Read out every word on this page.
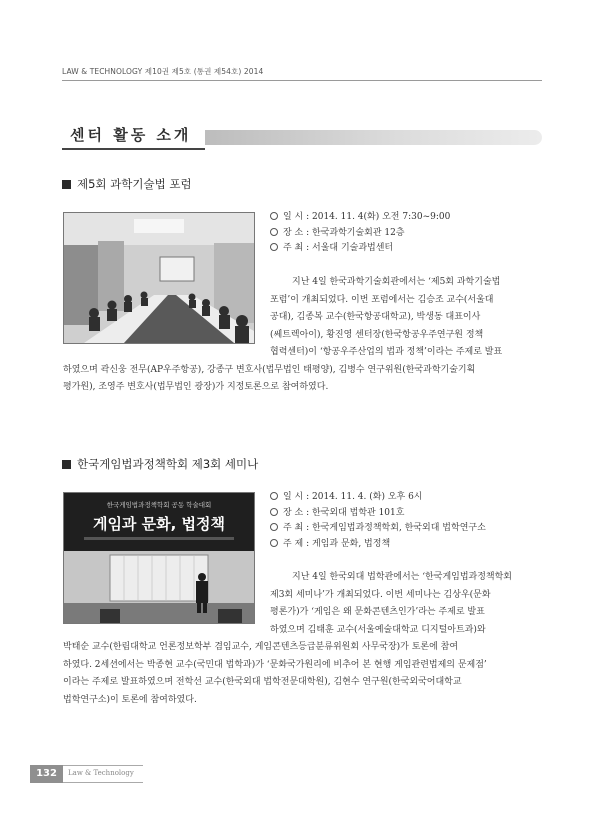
LAW & TECHNOLOGY 제10권 제5호 (통권 제54호) 2014
센터 활동 소개
제5회 과학기술법 포럼
일 시 : 2014. 11. 4(화) 오전 7:30~9:00
장 소 : 한국과학기술회관 12층
주 최 : 서울대 기술과법센터
지난 4일 한국과학기술회관에서는 ‘제5회 과학기술법
포럼’이 개최되었다. 이번 포럼에서는 김승조 교수(서울대
공대), 김종복 교수(한국항공대학교), 박생동 대표이사
(쎄트렉아이), 황진영 센터장(한국항공우주연구원 정책
협력센터)이 ‘항공우주산업의 법과 정책’이라는 주제로 발표
하였으며 곽신웅 전무(AP우주항공), 강종구 변호사(법무법인 태평양), 김병수 연구위원(한국과학기술기획
평가원), 조영주 변호사(법무법인 광장)가 지정토론으로 참여하였다.
한국게임법과정책학회 제3회 세미나
한국게임법과정책학회 공동 학술대회
게임과 문화, 법정책
일 시 : 2014. 11. 4. (화) 오후 6시
장 소 : 한국외대 법학관 101호
주 최 : 한국게임법과정책학회, 한국외대 법학연구소
주 제 : 게임과 문화, 법정책
지난 4일 한국외대 법학관에서는 ‘한국게임법과정책학회
제3회 세미나’가 개최되었다. 이번 세미나는 김상우(문화
평론가)가 ‘게임은 왜 문화콘텐츠인가’라는 주제로 발표
하였으며 김태훈 교수(서울예술대학교 디지털아트과)와
박태순 교수(한림대학교 언론정보학부 겸임교수, 게임콘텐츠등급분류위원회 사무국장)가 토론에 참여
하였다. 2세션에서는 박종현 교수(국민대 법학과)가 ‘문화국가원리에 비추어 본 현행 게임관련법제의 문제점’
이라는 주제로 발표하였으며 전학선 교수(한국외대 법학전문대학원), 김현수 연구원(한국외국어대학교
법학연구소)이 토론에 참여하였다.
132	Law & Technology
